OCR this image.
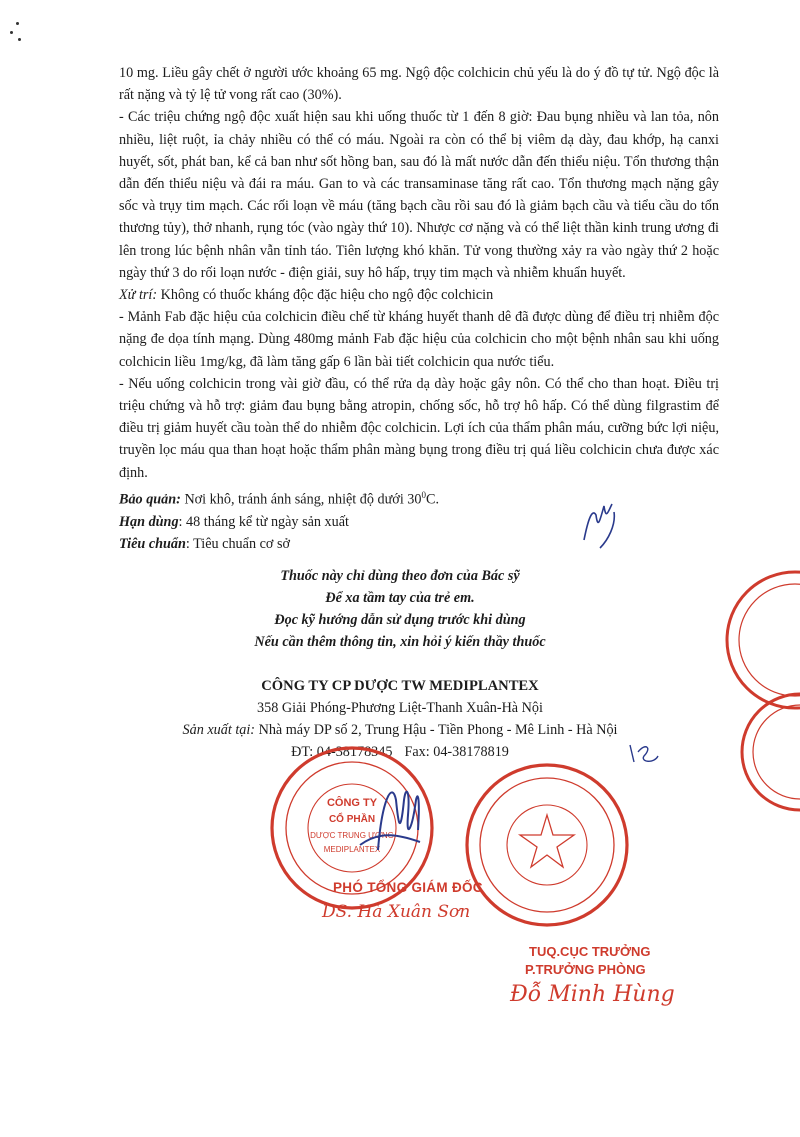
10 mg. Liều gây chết ở người ước khoảng 65 mg. Ngộ độc colchicin chủ yếu là do ý đồ tự tử. Ngộ độc là rất nặng và tỷ lệ tử vong rất cao (30%).

- Các triệu chứng ngộ độc xuất hiện sau khi uống thuốc từ 1 đến 8 giờ: Đau bụng nhiều và lan tỏa, nôn nhiều, liệt ruột, ỉa chảy nhiều có thể có máu. Ngoài ra còn có thể bị viêm dạ dày, đau khớp, hạ canxi huyết, sốt, phát ban, kể cả ban như sốt hồng ban, sau đó là mất nước dẫn đến thiểu niệu. Tổn thương thận dẫn đến thiểu niệu và đái ra máu. Gan to và các transaminase tăng rất cao. Tổn thương mạch nặng gây sốc và trụy tim mạch. Các rối loạn về máu (tăng bạch cầu rồi sau đó là giảm bạch cầu và tiểu cầu do tổn thương tủy), thở nhanh, rụng tóc (vào ngày thứ 10). Nhược cơ nặng và có thể liệt thần kinh trung ương đi lên trong lúc bệnh nhân vẫn tỉnh táo. Tiên lượng khó khăn. Tử vong thường xảy ra vào ngày thứ 2 hoặc ngày thứ 3 do rối loạn nước - điện giải, suy hô hấp, trụy tim mạch và nhiễm khuẩn huyết.

Xử trí: Không có thuốc kháng độc đặc hiệu cho ngộ độc colchicin

- Mảnh Fab đặc hiệu của colchicin điều chế từ kháng huyết thanh dê đã được dùng để điều trị nhiễm độc nặng đe dọa tính mạng. Dùng 480mg mảnh Fab đặc hiệu của colchicin cho một bệnh nhân sau khi uống colchicin liều 1mg/kg, đã làm tăng gấp 6 lần bài tiết colchicin qua nước tiểu.

- Nếu uống colchicin trong vài giờ đầu, có thể rửa dạ dày hoặc gây nôn. Có thể cho than hoạt. Điều trị triệu chứng và hỗ trợ: giảm đau bụng bằng atropin, chống sốc, hỗ trợ hô hấp. Có thể dùng filgrastim để điều trị giảm huyết cầu toàn thể do nhiễm độc colchicin. Lợi ích của thẩm phân máu, cưỡng bức lợi niệu, truyền lọc máu qua than hoạt hoặc thẩm phân màng bụng trong điều trị quá liều colchicin chưa được xác định.

Bảo quản: Nơi khô, tránh ánh sáng, nhiệt độ dưới $30^0C$.

Hạn dùng: 48 tháng kể từ ngày sản xuất

Tiêu chuẩn: Tiêu chuẩn cơ sở

Thuốc này chỉ dùng theo đơn của Bác sỹ
Để xa tầm tay của trẻ em.
Đọc kỹ hướng dẫn sử dụng trước khi dùng
Nếu cần thêm thông tin, xin hỏi ý kiến thầy thuốc
CÔNG TY CP DƯỢC TW MEDIPLANTEX
358 Giải Phóng-Phương Liệt-Thanh Xuân-Hà Nội
Sản xuất tại: Nhà máy DP số 2, Trung Hậu - Tiền Phong - Mê Linh - Hà Nội
ĐT: 04-38178345 Fax: 04-38178819
CÔNG TY
CỔ PHẦN
DƯỢC TRUNG ƯƠNG
MEDIPLANTEX
PHÓ TỔNG GIÁM ĐỐC
DS. Hà Xuân Sơn
TUQ.CỤC TRƯỞNG
P.TRƯỞNG PHÒNG
Đỗ Minh Hùng
